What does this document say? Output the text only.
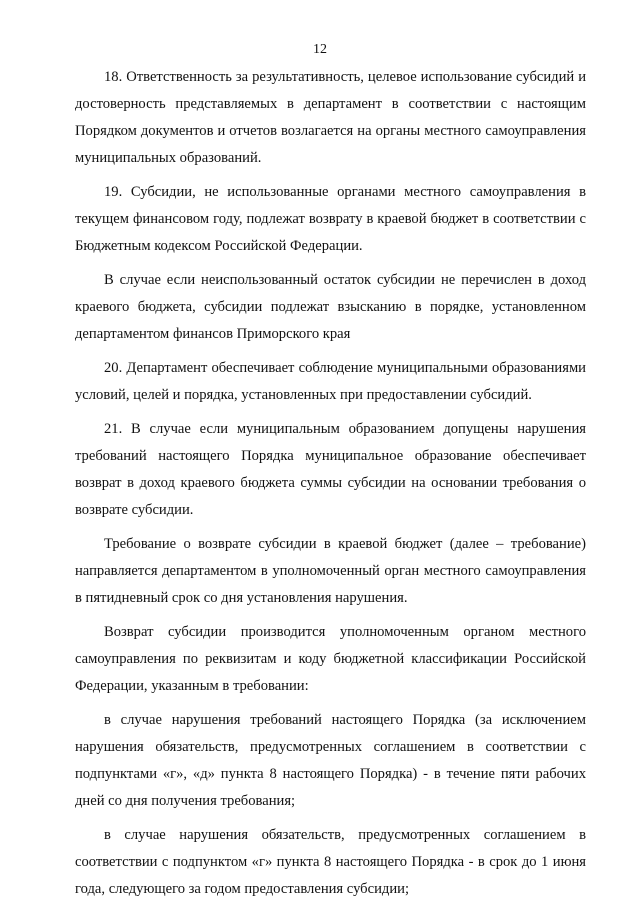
12

18. Ответственность за результативность, целевое использование субсидий и достоверность представляемых в департамент в соответствии с настоящим Порядком документов и отчетов возлагается на органы местного самоуправления муниципальных образований.

19. Субсидии, не использованные органами местного самоуправления в текущем финансовом году, подлежат возврату в краевой бюджет в соответствии с Бюджетным кодексом Российской Федерации.

В случае если неиспользованный остаток субсидии не перечислен в доход краевого бюджета, субсидии подлежат взысканию в порядке, установленном департаментом финансов Приморского края

20. Департамент обеспечивает соблюдение муниципальными образованиями условий, целей и порядка, установленных при предоставлении субсидий.

21. В случае если муниципальным образованием допущены нарушения требований настоящего Порядка муниципальное образование обеспечивает возврат в доход краевого бюджета суммы субсидии на основании требования о возврате субсидии.

Требование о возврате субсидии в краевой бюджет (далее – требование) направляется департаментом в уполномоченный орган местного самоуправления в пятидневный срок со дня установления нарушения.

Возврат субсидии производится уполномоченным органом местного самоуправления по реквизитам и коду бюджетной классификации Российской Федерации, указанным в требовании:

в случае нарушения требований настоящего Порядка (за исключением нарушения обязательств, предусмотренных соглашением в соответствии с подпунктами «г», «д» пункта 8 настоящего Порядка) - в течение пяти рабочих дней со дня получения требования;

в случае нарушения обязательств, предусмотренных соглашением в соответствии с подпунктом «г» пункта 8 настоящего Порядка - в срок до 1 июня года, следующего за годом предоставления субсидии;
